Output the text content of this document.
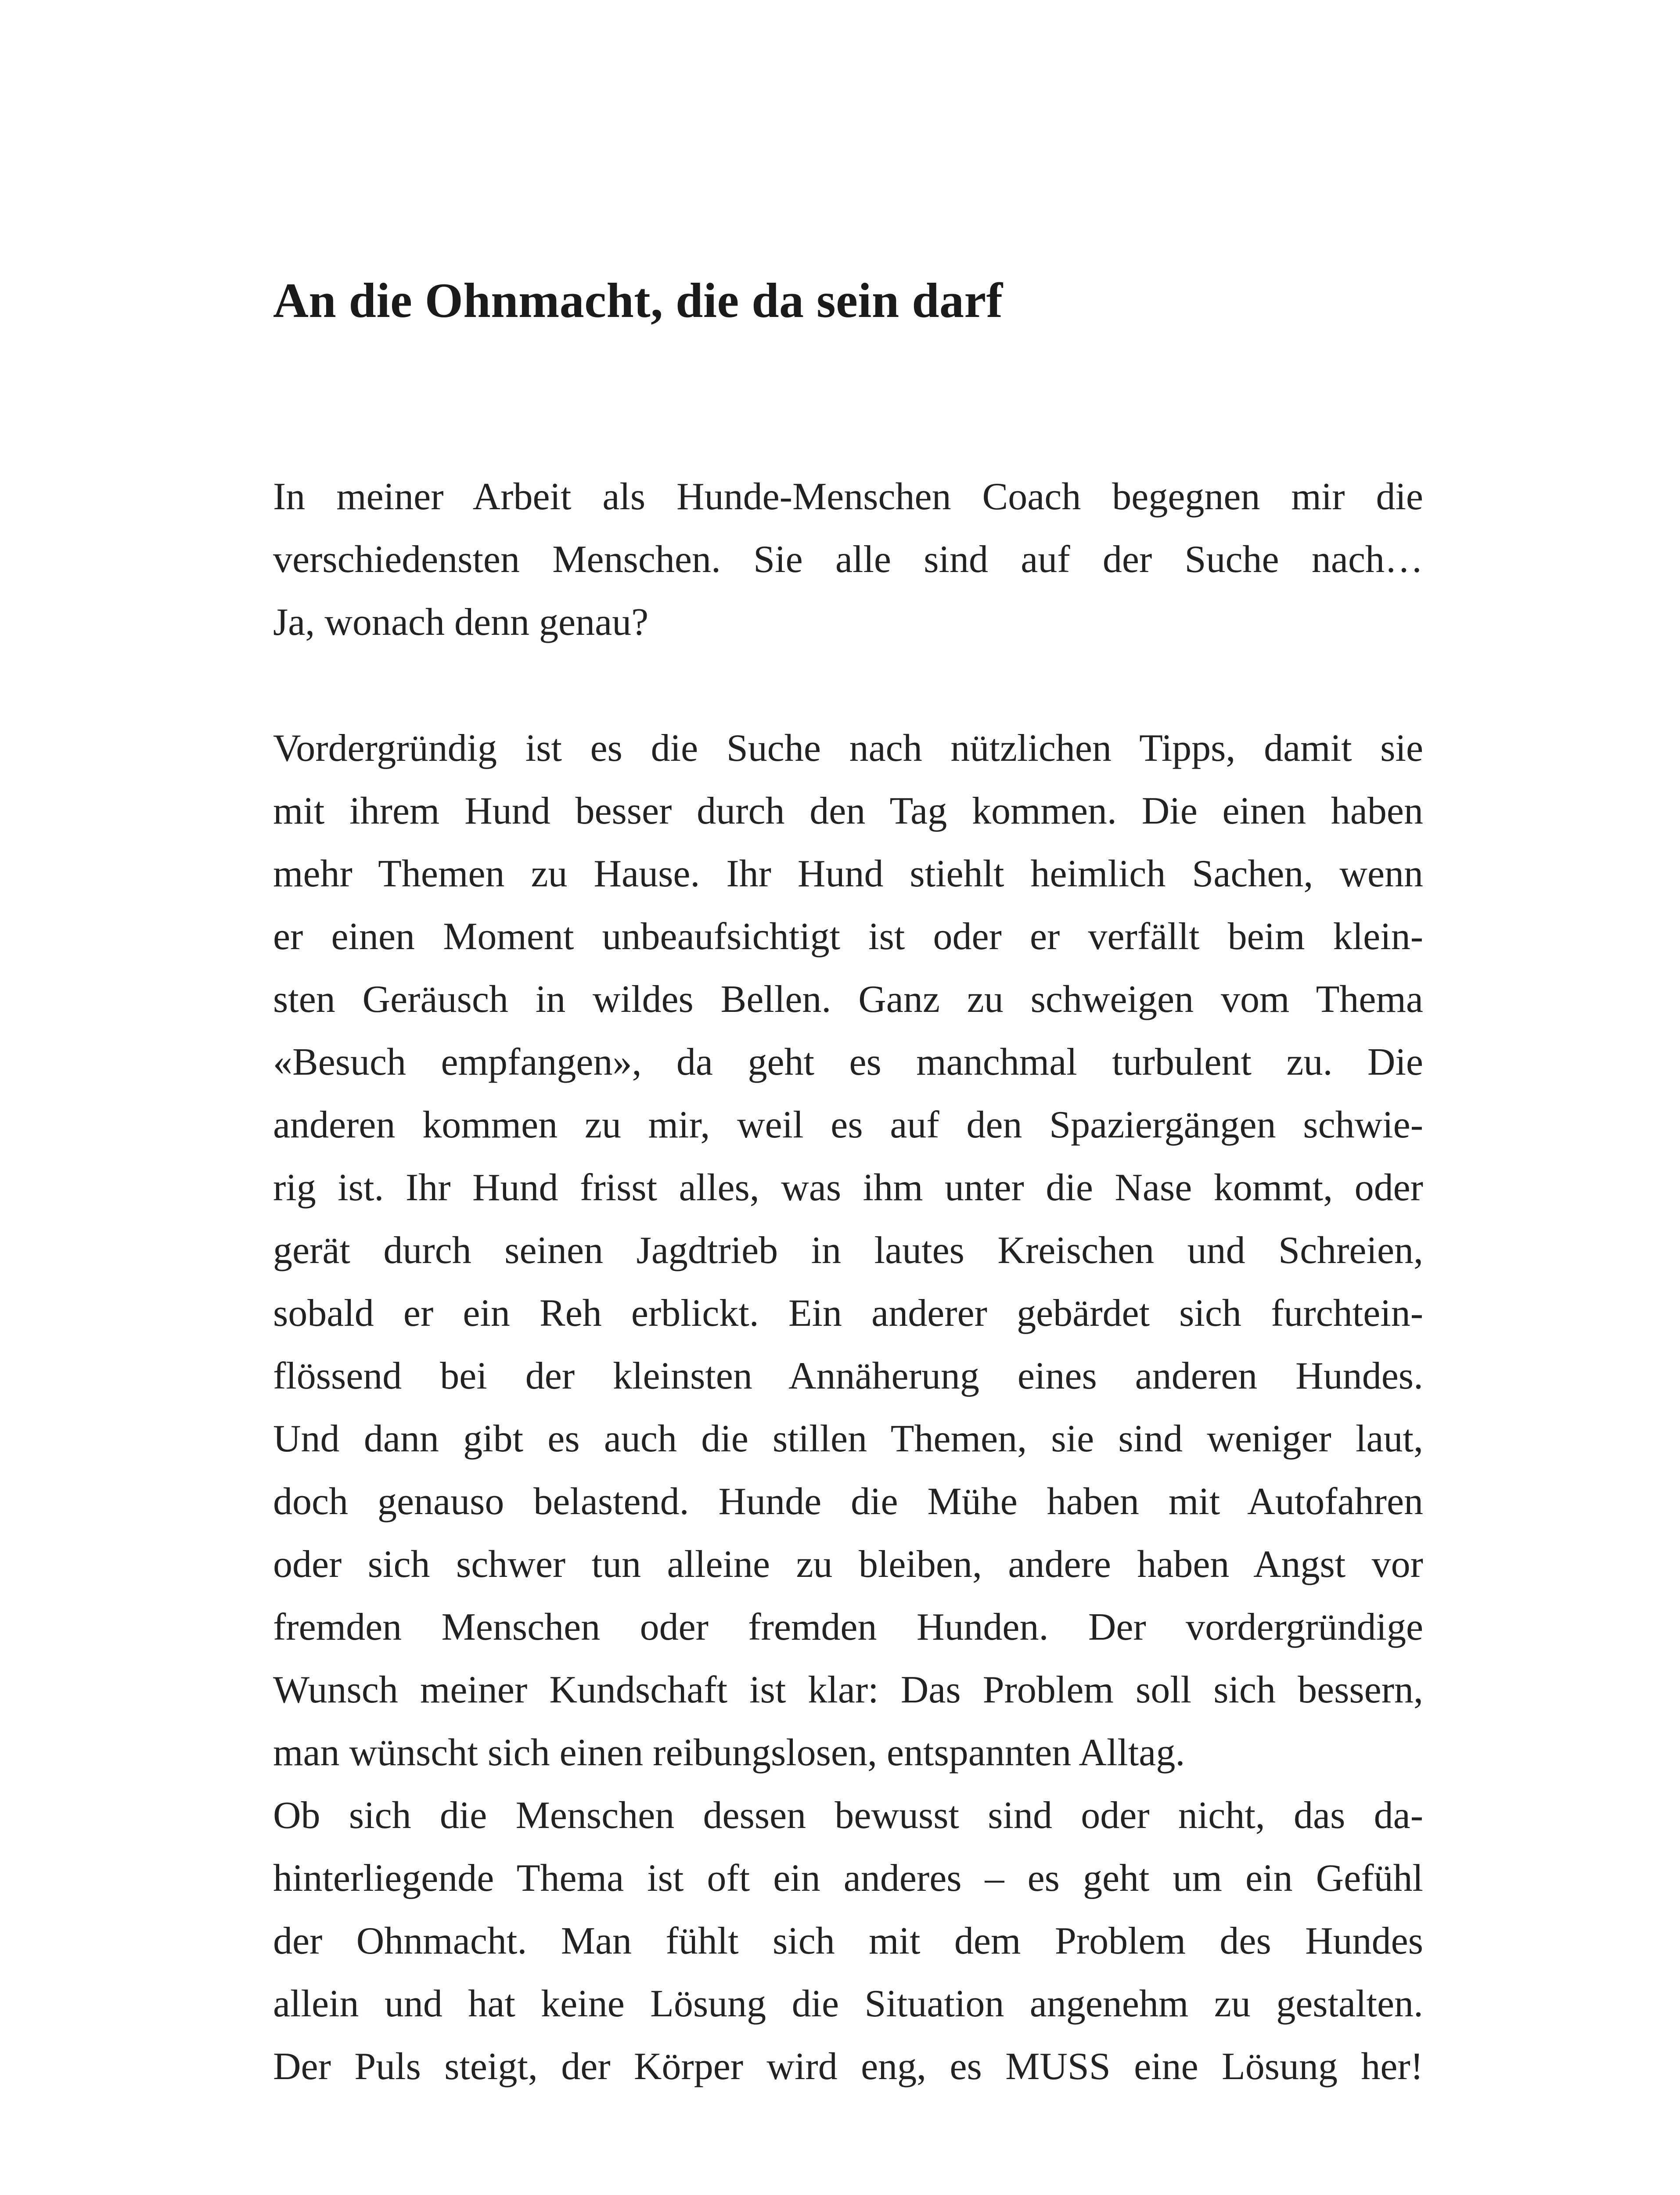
An die Ohnmacht, die da sein darf
In meiner Arbeit als Hunde-Menschen Coach begegnen mir die
verschiedensten Menschen. Sie alle sind auf der Suche nach…
Ja, wonach denn genau?
Vordergründig ist es die Suche nach nützlichen Tipps, damit sie
mit ihrem Hund besser durch den Tag kommen. Die einen haben
mehr Themen zu Hause. Ihr Hund stiehlt heimlich Sachen, wenn
er einen Moment unbeaufsichtigt ist oder er verfällt beim klein-
sten Geräusch in wildes Bellen. Ganz zu schweigen vom Thema
«Besuch empfangen», da geht es manchmal turbulent zu. Die
anderen kommen zu mir, weil es auf den Spaziergängen schwie-
rig ist. Ihr Hund frisst alles, was ihm unter die Nase kommt, oder
gerät durch seinen Jagdtrieb in lautes Kreischen und Schreien,
sobald er ein Reh erblickt. Ein anderer gebärdet sich furchtein-
flössend bei der kleinsten Annäherung eines anderen Hundes.
Und dann gibt es auch die stillen Themen, sie sind weniger laut,
doch genauso belastend. Hunde die Mühe haben mit Autofahren
oder sich schwer tun alleine zu bleiben, andere haben Angst vor
fremden Menschen oder fremden Hunden. Der vordergründige
Wunsch meiner Kundschaft ist klar: Das Problem soll sich bessern,
man wünscht sich einen reibungslosen, entspannten Alltag.
Ob sich die Menschen dessen bewusst sind oder nicht, das da-
hinterliegende Thema ist oft ein anderes – es geht um ein Gefühl
der Ohnmacht. Man fühlt sich mit dem Problem des Hundes
allein und hat keine Lösung die Situation angenehm zu gestalten.
Der Puls steigt, der Körper wird eng, es MUSS eine Lösung her!
